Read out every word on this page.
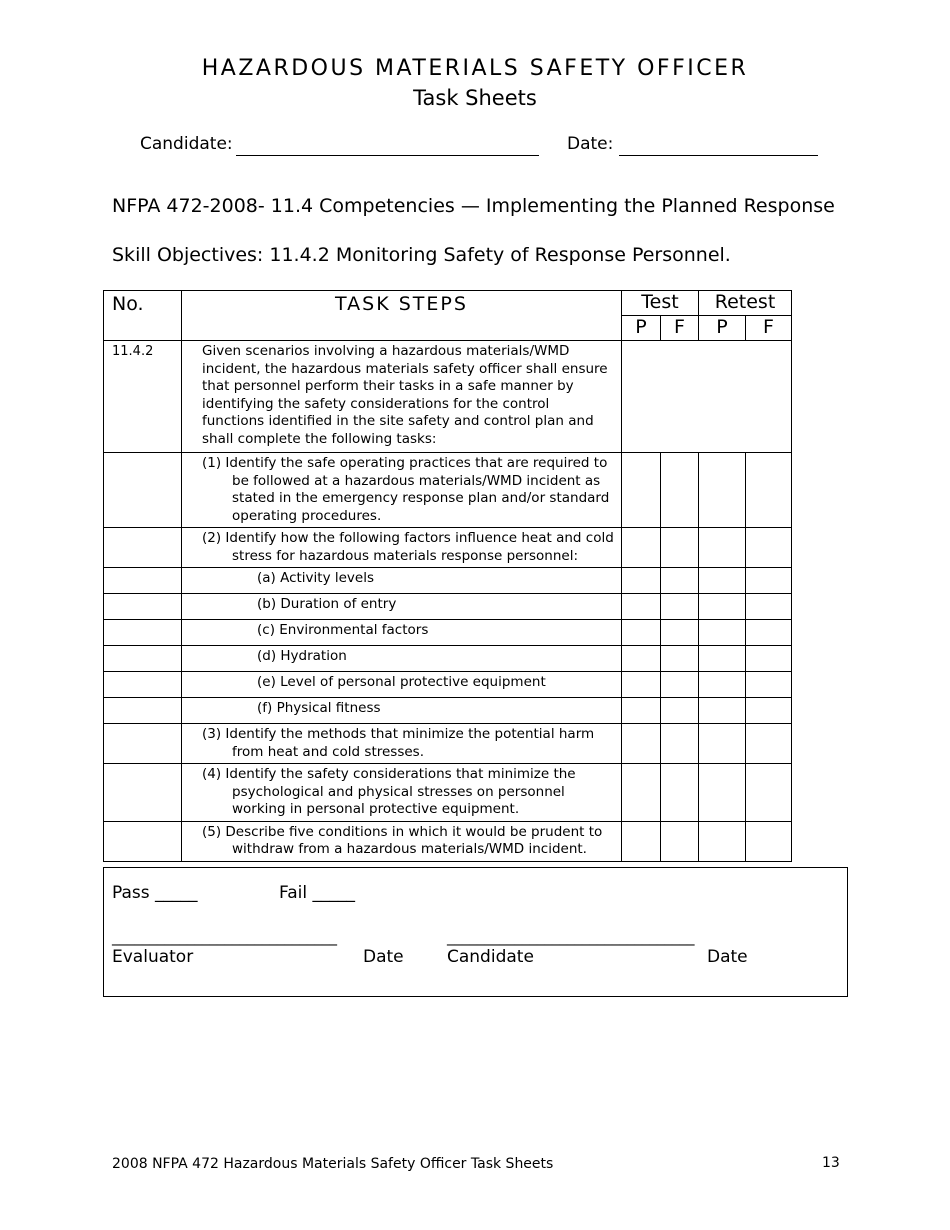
HAZARDOUS MATERIALS SAFETY OFFICER
Task Sheets
Candidate:	Date:
NFPA 472-2008- 11.4 Competencies — Implementing the Planned Response
Skill Objectives: 11.4.2 Monitoring Safety of Response Personnel.
No.	TASK STEPS	Test		Retest	
		P	F	P	F
11.4.2	Given scenarios involving a hazardous materials/WMD incident, the hazardous materials safety officer shall ensure that personnel perform their tasks in a safe manner by identifying the safety considerations for the control functions identified in the site safety and control plan and shall complete the following tasks:				

	(1) Identify the safe operating practices that are required to be followed at a hazardous materials/WMD incident as stated in the emergency response plan and/or standard operating procedures.				

	(2) Identify how the following factors influence heat and cold stress for hazardous materials response personnel:				

	(a) Activity levels				
	(b) Duration of entry				
	(c) Environmental factors				
	(d) Hydration				
	(e) Level of personal protective equipment				
	(f) Physical fitness				

	(3) Identify the methods that minimize the potential harm from heat and cold stresses.				

	(4) Identify the safety considerations that minimize the psychological and physical stresses on personnel working in personal protective equipment.				

	(5) Describe five conditions in which it would be prudent to withdraw from a hazardous materials/WMD incident.				

Pass _____	Fail _____
______________________________	_________________________________
Evaluator	Date	Candidate	Date
2008 NFPA 472 Hazardous Materials Safety Officer Task Sheets	13
